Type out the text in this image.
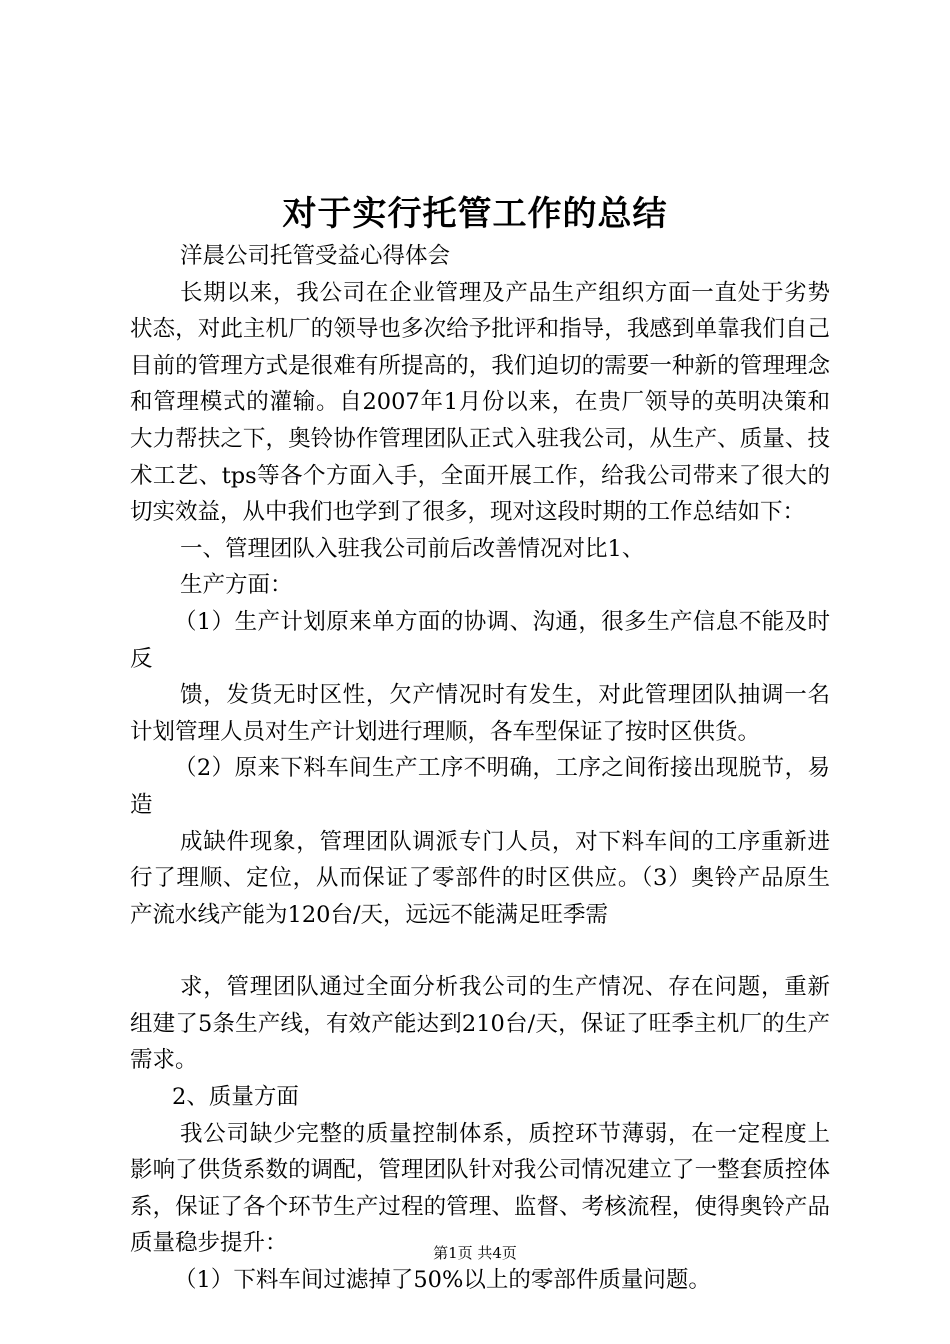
对于实行托管工作的总结

洋晨公司托管受益心得体会

长期以来，我公司在企业管理及产品生产组织方面一直处于劣势状态，对此主机厂的领导也多次给予批评和指导，我感到单靠我们自己目前的管理方式是很难有所提高的，我们迫切的需要一种新的管理理念和管理模式的灌输。自2007年1月份以来，在贵厂领导的英明决策和大力帮扶之下，奥铃协作管理团队正式入驻我公司，从生产、质量、技术工艺、tps等各个方面入手，全面开展工作，给我公司带来了很大的切实效益，从中我们也学到了很多，现对这段时期的工作总结如下：

一、管理团队入驻我公司前后改善情况对比1、

生产方面：

（1）生产计划原来单方面的协调、沟通，很多生产信息不能及时反

馈，发货无时区性，欠产情况时有发生，对此管理团队抽调一名计划管理人员对生产计划进行理顺，各车型保证了按时区供货。

（2）原来下料车间生产工序不明确，工序之间衔接出现脱节，易造

成缺件现象，管理团队调派专门人员，对下料车间的工序重新进行了理顺、定位，从而保证了零部件的时区供应。（3）奥铃产品原生产流水线产能为120台/天，远远不能满足旺季需

求，管理团队通过全面分析我公司的生产情况、存在问题，重新组建了5条生产线，有效产能达到210台/天，保证了旺季主机厂的生产需求。

2、质量方面

我公司缺少完整的质量控制体系，质控环节薄弱，在一定程度上影响了供货系数的调配，管理团队针对我公司情况建立了一整套质控体系，保证了各个环节生产过程的管理、监督、考核流程，使得奥铃产品质量稳步提升：

（1）下料车间过滤掉了50%以上的零部件质量问题。

第1页 共4页
